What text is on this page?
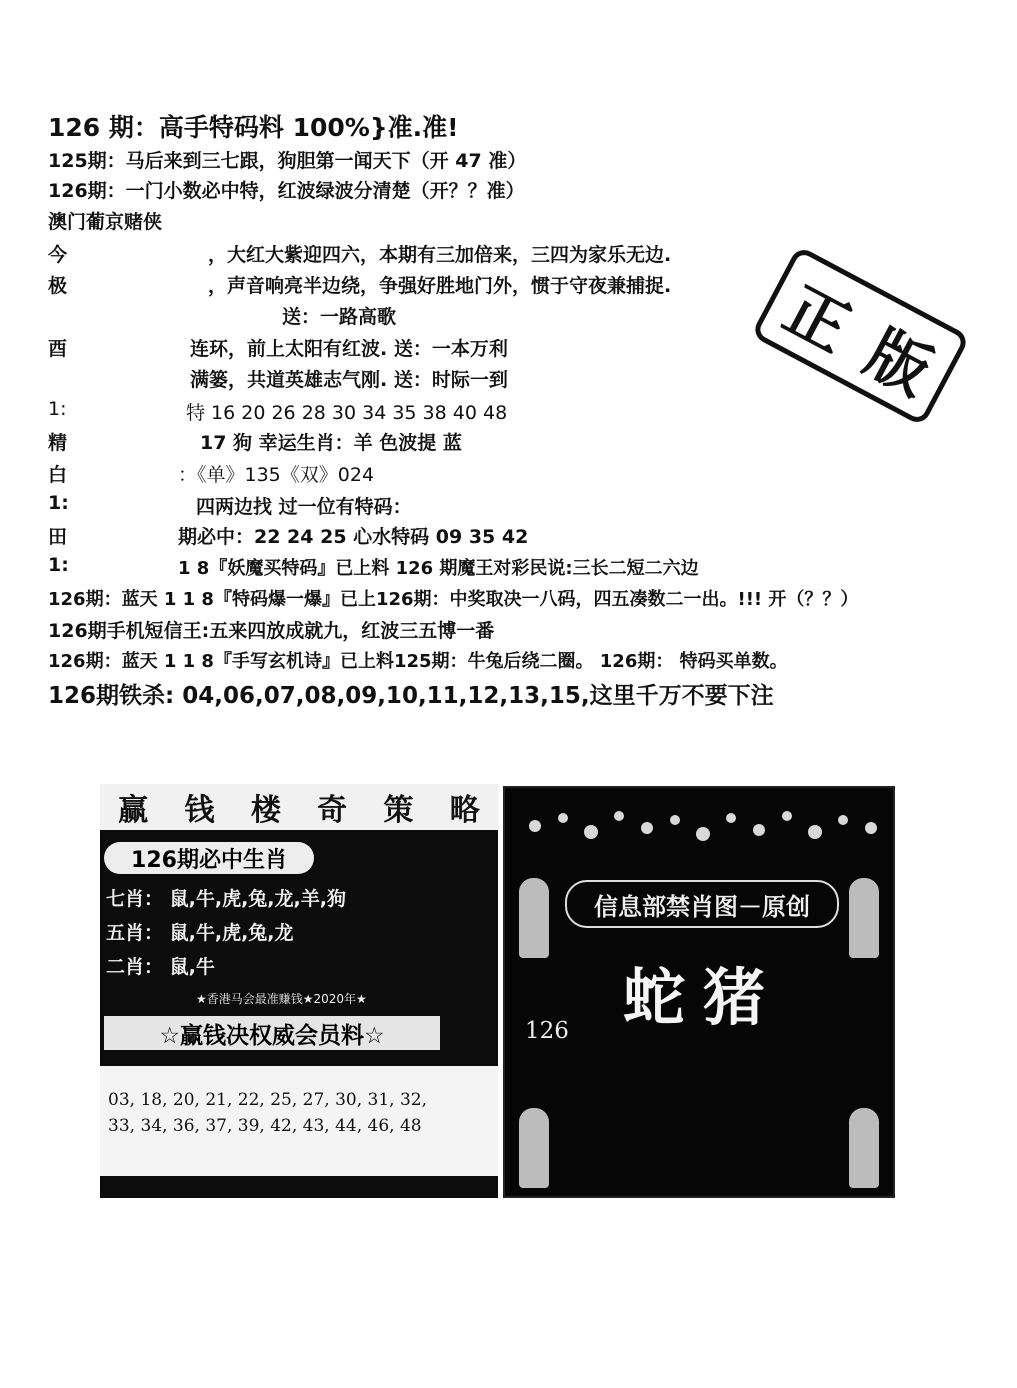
126 期：高手特码料 100%}准.准!
125期：马后来到三七跟，狗胆第一闻天下（开 47 准）
126期：一门小数必中特，红波绿波分清楚（开？？准）
澳门葡京赌侠
今	，大红大紫迎四六，本期有三加倍来，三四为家乐无边.
极	，声音响亮半边绕，争强好胜地门外，惯于守夜兼捕捉.
送：一路高歌
酉	连环，前上太阳有红波. 送：一本万利
满篓，共道英雄志气刚. 送：时际一到
1:	特 16 20 26 28 30 34 35 38 40 48
精	17 狗 幸运生肖：羊 色波提 蓝
白	：《单》135《双》024
1:	四两边找 过一位有特码：
田	期必中：22 24 25 心水特码 09 35 42
1:	1 8『妖魔买特码』已上料 126 期魔王对彩民说:三长二短二六边
126期：蓝天 1 1 8『特码爆一爆』已上126期：中奖取决一八码，四五凑数二一出。!!! 开（？？）
126期手机短信王:五来四放成就九，红波三五博一番
126期：蓝天 1 1 8『手写玄机诗』已上料125期：牛兔后绕二圈。 126期： 特码买单数。
126期铁杀: 04,06,07,08,09,10,11,12,13,15,这里千万不要下注
正
版
赢 钱 楼 奇 策 略
126期必中生肖
七肖： 鼠,牛,虎,兔,龙,羊,狗
五肖： 鼠,牛,虎,兔,龙
二肖： 鼠,牛
★香港马会最准赚钱★2020年★
☆赢钱决权威会员料☆
03, 18, 20, 21, 22, 25, 27, 30, 31, 32,
33, 34, 36, 37, 39, 42, 43, 44, 46, 48
信息部禁肖图－原创
蛇猪
126
